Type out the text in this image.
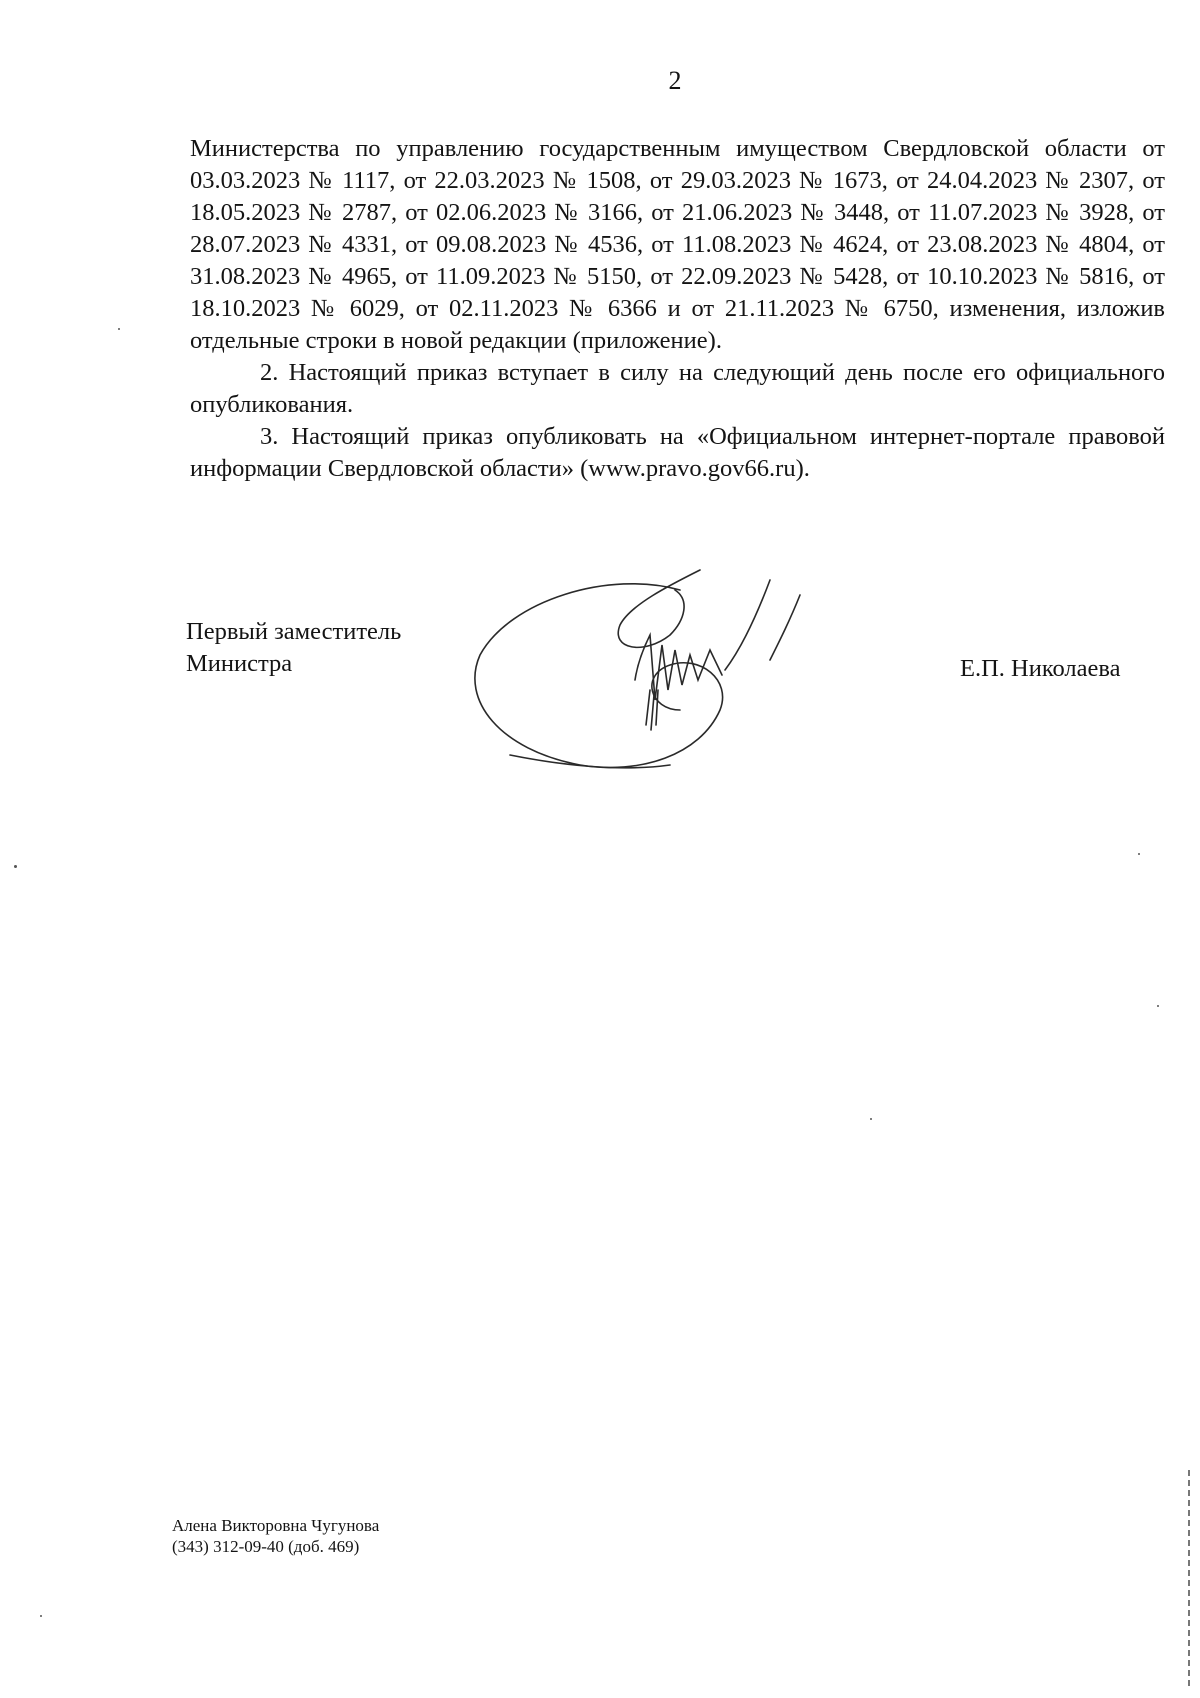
2

Министерства по управлению государственным имуществом Свердловской области от 03.03.2023 № 1117, от 22.03.2023 № 1508, от 29.03.2023 № 1673, от 24.04.2023 № 2307, от 18.05.2023 № 2787, от 02.06.2023 № 3166, от 21.06.2023 № 3448, от 11.07.2023 № 3928, от 28.07.2023 № 4331, от 09.08.2023 № 4536, от 11.08.2023 № 4624, от 23.08.2023 № 4804, от 31.08.2023 № 4965, от 11.09.2023 № 5150, от 22.09.2023 № 5428, от 10.10.2023 № 5816, от 18.10.2023 № 6029, от 02.11.2023 № 6366 и от 21.11.2023 № 6750, изменения, изложив отдельные строки в новой редакции (приложение).

2. Настоящий приказ вступает в силу на следующий день после его официального опубликования.

3. Настоящий приказ опубликовать на «Официальном интернет-портале правовой информации Свердловской области» (www.pravo.gov66.ru).

Первый заместитель
Министра	Е.П. Николаева
Алена Викторовна Чугунова
(343) 312-09-40 (доб. 469)
